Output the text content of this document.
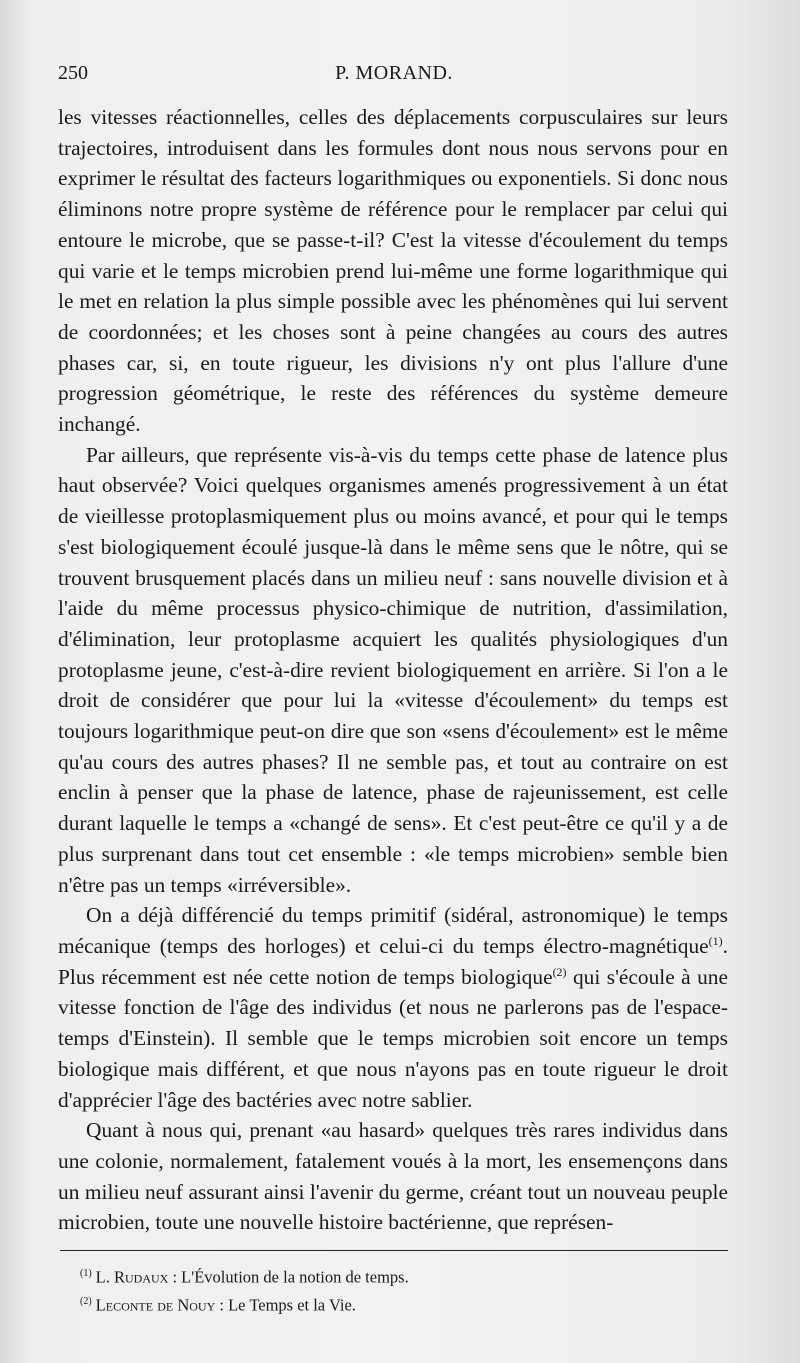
250	P. MORAND.

les vitesses réactionnelles, celles des déplacements corpusculaires sur leurs trajectoires, introduisent dans les formules dont nous nous servons pour en exprimer le résultat des facteurs logarithmiques ou exponentiels. Si donc nous éliminons notre propre système de référence pour le remplacer par celui qui entoure le microbe, que se passe-t-il? C'est la vitesse d'écoulement du temps qui varie et le temps microbien prend lui-même une forme logarithmique qui le met en relation la plus simple possible avec les phénomènes qui lui servent de coordonnées; et les choses sont à peine changées au cours des autres phases car, si, en toute rigueur, les divisions n'y ont plus l'allure d'une progression géométrique, le reste des références du système demeure inchangé.

Par ailleurs, que représente vis-à-vis du temps cette phase de latence plus haut observée? Voici quelques organismes amenés progressivement à un état de vieillesse protoplasmiquement plus ou moins avancé, et pour qui le temps s'est biologiquement écoulé jusque-là dans le même sens que le nôtre, qui se trouvent brusquement placés dans un milieu neuf : sans nouvelle division et à l'aide du même processus physico-chimique de nutrition, d'assimilation, d'élimination, leur protoplasme acquiert les qualités physiologiques d'un protoplasme jeune, c'est-à-dire revient biologiquement en arrière. Si l'on a le droit de considérer que pour lui la «vitesse d'écoulement» du temps est toujours logarithmique peut-on dire que son «sens d'écoulement» est le même qu'au cours des autres phases? Il ne semble pas, et tout au contraire on est enclin à penser que la phase de latence, phase de rajeunissement, est celle durant laquelle le temps a «changé de sens». Et c'est peut-être ce qu'il y a de plus surprenant dans tout cet ensemble : «le temps microbien» semble bien n'être pas un temps «irréversible».

On a déjà différencié du temps primitif (sidéral, astronomique) le temps mécanique (temps des horloges) et celui-ci du temps électro-magnétique$^{(1)}$. Plus récemment est née cette notion de temps biologique$^{(2)}$ qui s'écoule à une vitesse fonction de l'âge des individus (et nous ne parlerons pas de l'espace-temps d'Einstein). Il semble que le temps microbien soit encore un temps biologique mais différent, et que nous n'ayons pas en toute rigueur le droit d'apprécier l'âge des bactéries avec notre sablier.

Quant à nous qui, prenant «au hasard» quelques très rares individus dans une colonie, normalement, fatalement voués à la mort, les ensemençons dans un milieu neuf assurant ainsi l'avenir du germe, créant tout un nouveau peuple microbien, toute une nouvelle histoire bactérienne, que représen-

$^{(1)}$ L. Rudaux : L'Évolution de la notion de temps.

$^{(2)}$ Leconte de Nouy : Le Temps et la Vie.
